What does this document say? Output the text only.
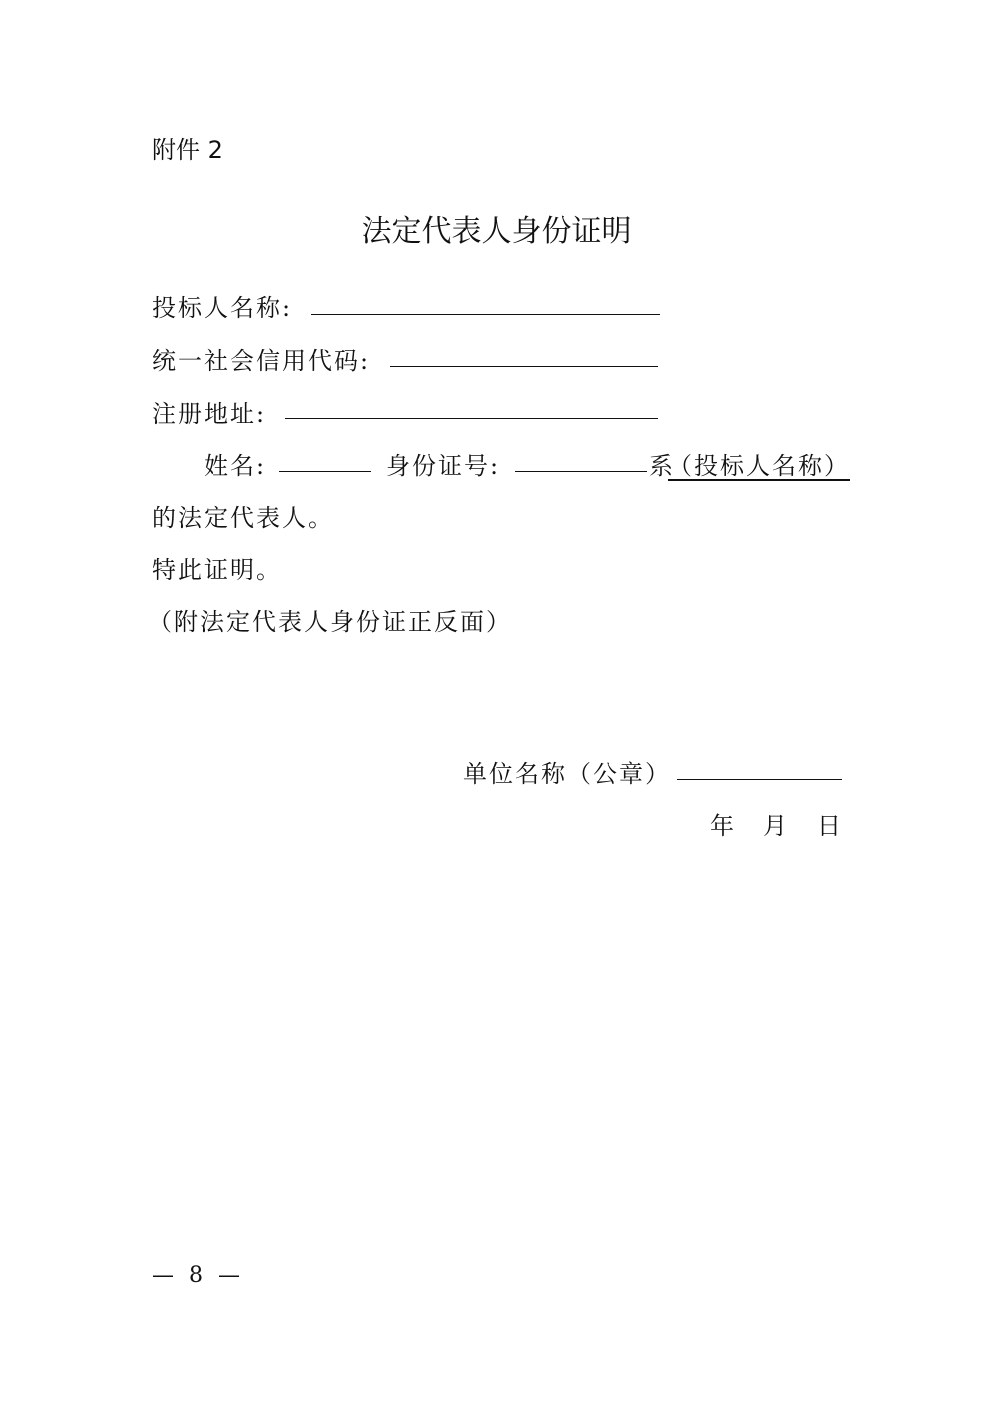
附件 2
法定代表人身份证明
投标人名称:
统一社会信用代码:
注册地址:
姓名:	身份证号:	系
（投标人名称）
的法定代表人。
特此证明。
（附法定代表人身份证正反面）
单位名称（公章）
年 月 日
— 8 —
